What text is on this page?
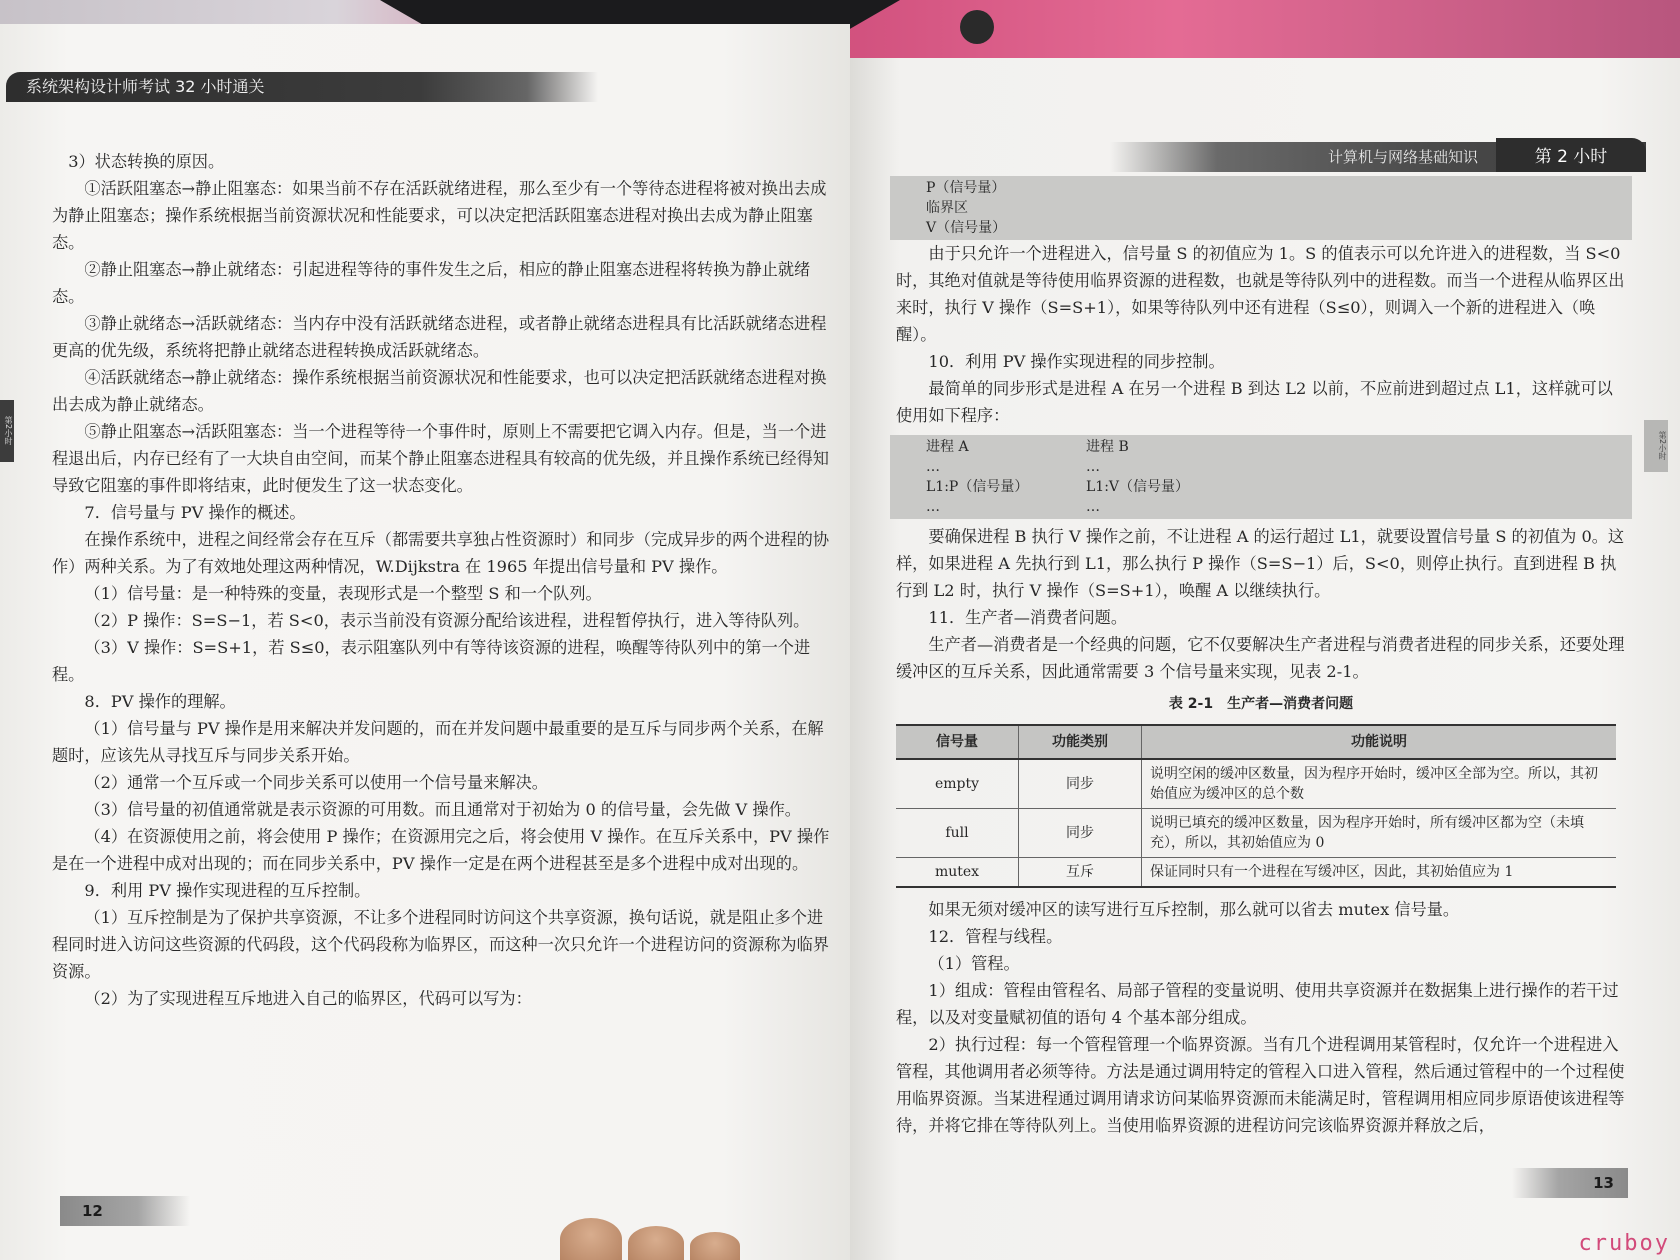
系统架构设计师考试 32 小时通关
第2小时

3）状态转换的原因。

①活跃阻塞态→静止阻塞态：如果当前不存在活跃就绪进程，那么至少有一个等待态进程将被对换出去成为静止阻塞态；操作系统根据当前资源状况和性能要求，可以决定把活跃阻塞态进程对换出去成为静止阻塞态。

②静止阻塞态→静止就绪态：引起进程等待的事件发生之后，相应的静止阻塞态进程将转换为静止就绪态。

③静止就绪态→活跃就绪态：当内存中没有活跃就绪态进程，或者静止就绪态进程具有比活跃就绪态进程更高的优先级，系统将把静止就绪态进程转换成活跃就绪态。

④活跃就绪态→静止就绪态：操作系统根据当前资源状况和性能要求，也可以决定把活跃就绪态进程对换出去成为静止就绪态。

⑤静止阻塞态→活跃阻塞态：当一个进程等待一个事件时，原则上不需要把它调入内存。但是，当一个进程退出后，内存已经有了一大块自由空间，而某个静止阻塞态进程具有较高的优先级，并且操作系统已经得知导致它阻塞的事件即将结束，此时便发生了这一状态变化。

7．信号量与 PV 操作的概述。

在操作系统中，进程之间经常会存在互斥（都需要共享独占性资源时）和同步（完成异步的两个进程的协作）两种关系。为了有效地处理这两种情况，W.Dijkstra 在 1965 年提出信号量和 PV 操作。

（1）信号量：是一种特殊的变量，表现形式是一个整型 S 和一个队列。

（2）P 操作：S=S−1，若 S<0，表示当前没有资源分配给该进程，进程暂停执行，进入等待队列。

（3）V 操作：S=S+1，若 S≤0，表示阻塞队列中有等待该资源的进程，唤醒等待队列中的第一个进程。

8．PV 操作的理解。

（1）信号量与 PV 操作是用来解决并发问题的，而在并发问题中最重要的是互斥与同步两个关系，在解题时，应该先从寻找互斥与同步关系开始。

（2）通常一个互斥或一个同步关系可以使用一个信号量来解决。

（3）信号量的初值通常就是表示资源的可用数。而且通常对于初始为 0 的信号量，会先做 V 操作。

（4）在资源使用之前，将会使用 P 操作；在资源用完之后，将会使用 V 操作。在互斥关系中，PV 操作是在一个进程中成对出现的；而在同步关系中，PV 操作一定是在两个进程甚至是多个进程中成对出现的。

9．利用 PV 操作实现进程的互斥控制。

（1）互斥控制是为了保护共享资源，不让多个进程同时访问这个共享资源，换句话说，就是阻止多个进程同时进入访问这些资源的代码段，这个代码段称为临界区，而这种一次只允许一个进程访问的资源称为临界资源。

（2）为了实现进程互斥地进入自己的临界区，代码可以写为：

12
计算机与网络基础知识	第 2 小时
第2小时
P（信号量）
临界区
V（信号量）

由于只允许一个进程进入，信号量 S 的初值应为 1。S 的值表示可以允许进入的进程数，当 S<0 时，其绝对值就是等待使用临界资源的进程数，也就是等待队列中的进程数。而当一个进程从临界区出来时，执行 V 操作（S=S+1），如果等待队列中还有进程（S≤0），则调入一个新的进程进入（唤醒）。

10．利用 PV 操作实现进程的同步控制。

最简单的同步形式是进程 A 在另一个进程 B 到达 L2 以前，不应前进到超过点 L1，这样就可以使用如下程序：

进程 A	进程 B
…	…
L1:P（信号量）	L1:V（信号量）
…	…

要确保进程 B 执行 V 操作之前，不让进程 A 的运行超过 L1，就要设置信号量 S 的初值为 0。这样，如果进程 A 先执行到 L1，那么执行 P 操作（S=S−1）后，S<0，则停止执行。直到进程 B 执行到 L2 时，执行 V 操作（S=S+1），唤醒 A 以继续执行。

11．生产者—消费者问题。

生产者—消费者是一个经典的问题，它不仅要解决生产者进程与消费者进程的同步关系，还要处理缓冲区的互斥关系，因此通常需要 3 个信号量来实现，见表 2-1。

表 2-1　生产者—消费者问题
信号量	功能类别	功能说明
empty	同步	说明空闲的缓冲区数量，因为程序开始时，缓冲区全部为空。所以，其初始值应为缓冲区的总个数
full	同步	说明已填充的缓冲区数量，因为程序开始时，所有缓冲区都为空（未填充），所以，其初始值应为 0
mutex	互斥	保证同时只有一个进程在写缓冲区，因此，其初始值应为 1

如果无须对缓冲区的读写进行互斥控制，那么就可以省去 mutex 信号量。

12．管程与线程。

（1）管程。

1）组成：管程由管程名、局部子管程的变量说明、使用共享资源并在数据集上进行操作的若干过程，以及对变量赋初值的语句 4 个基本部分组成。

2）执行过程：每一个管程管理一个临界资源。当有几个进程调用某管程时，仅允许一个进程进入管程，其他调用者必须等待。方法是通过调用特定的管程入口进入管程，然后通过管程中的一个过程使用临界资源。当某进程通过调用请求访问某临界资源而未能满足时，管程调用相应同步原语使该进程等待，并将它排在等待队列上。当使用临界资源的进程访问完该临界资源并释放之后，

13
cruboy
